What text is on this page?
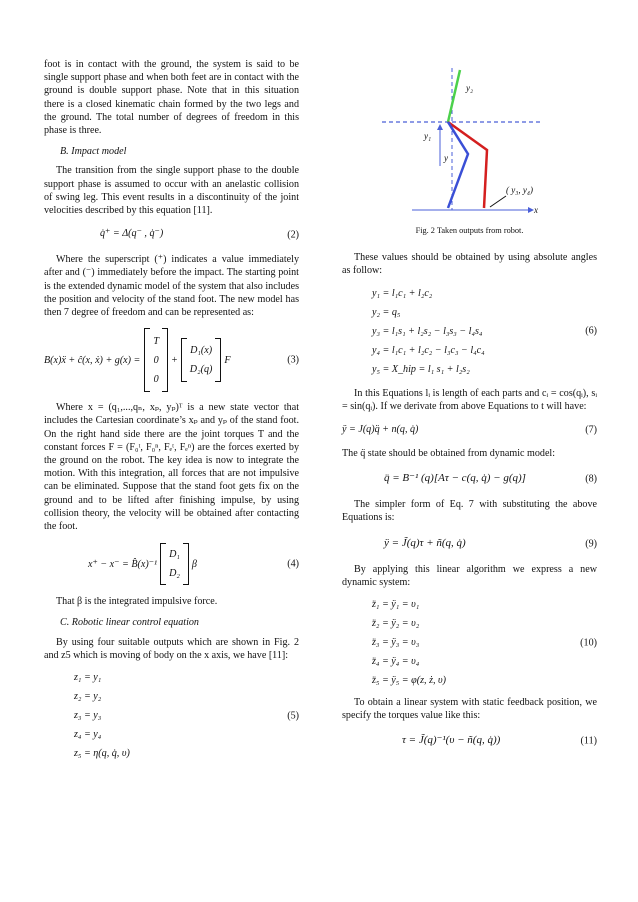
foot is in contact with the ground, the system is said to be single support phase and when both feet are in contact with the ground is double support phase. Note that in this situation there is a closed kinematic chain formed by the two legs and the ground. The total number of degrees of freedom in this phase is three.

B. Impact model

The transition from the single support phase to the double support phase is assumed to occur with an anelastic collision of swing leg. This event results in a discontinuity of the joint velocities described by this equation [11].

q̇⁺ = Δ(q⁻ , q̇⁻)	(2)

Where the superscript (⁺) indicates a value immediately after and (⁻) immediately before the impact. The starting point is the extended dynamic model of the system that also includes the position and velocity of the stand foot. The new model has then 7 degree of freedom and can be represented as:

B(x)ẍ + ĉ(x, ẋ) + g(x) =
T
0
0
+
D₁(x)
D₂(q)
F	(3)

Where x = (q₁,...,qₙ, xₚ, yₚ)ᵀ is a new state vector that includes the Cartesian coordinate’s xₚ and yₚ of the stand foot. On the right hand side there are the joint torques T and the constant forces F = (F₀ᵗ, F₀ⁿ, Fₑᵗ, Fₑⁿ) are the forces exerted by the ground on the robot. The key idea is now to integrate the motion. With this integration, all forces that are not impulsive can be eliminated. Suppose that the stand foot gets fix on the ground and to be lifted after finishing impulse, by using collision theory, the velocity will be obtained after contacting the foot.

x⁺ − x⁻ = B̂(x)⁻¹
D₁
D₂
β	(4)

That β is the integrated impulsive force.

C. Robotic linear control equation

By using four suitable outputs which are shown in Fig. 2 and z5 which is moving of body on the x axis, we have [11]:

z₁ = y₁
z₂ = y₂
z₃ = y₃
z₄ = y₄
z₅ = η(q, q̇, υ)
(5)
y₂
y₁
y
( y₃, y₄)
x
Fig. 2 Taken outputs from robot.

These values should be obtained by using absolute angles as follow:

y₁ = l₁c₁ + l₂c₂
y₂ = q₅
y₃ = l₁s₁ + l₂s₂ − l₃s₃ − l₄s₄
y₄ = l₁c₁ + l₂c₂ − l₃c₃ − l₄c₄
y₅ = X_hip = l₁ s₁ + l₂s₂
(6)

In this Equations lᵢ is length of each parts and cᵢ = cos(qᵢ), sᵢ = sin(qᵢ). If we derivate from above Equations to t will have:

ÿ = J(q)q̈ + n(q, q̇)	(7)

The q̈ state should be obtained from dynamic model:

q̈ = B⁻¹ (q)[Aτ − c(q, q̇) − g(q)]	(8)

The simpler form of Eq. 7 with substituting the above Equations is:

ÿ = J̃(q)τ + ñ(q, q̇)	(9)

By applying this linear algorithm we express a new dynamic system:

z̈₁ = ÿ₁ = υ₁
z̈₂ = ÿ₂ = υ₂
z̈₃ = ÿ₃ = υ₃
z̈₄ = ÿ₄ = υ₄
z̈₅ = ÿ₅ = φ(z, ż, υ)
(10)

To obtain a linear system with static feedback position, we specify the torques value like this:

τ = J̃(q)⁻¹(υ − ñ(q, q̇))	(11)
